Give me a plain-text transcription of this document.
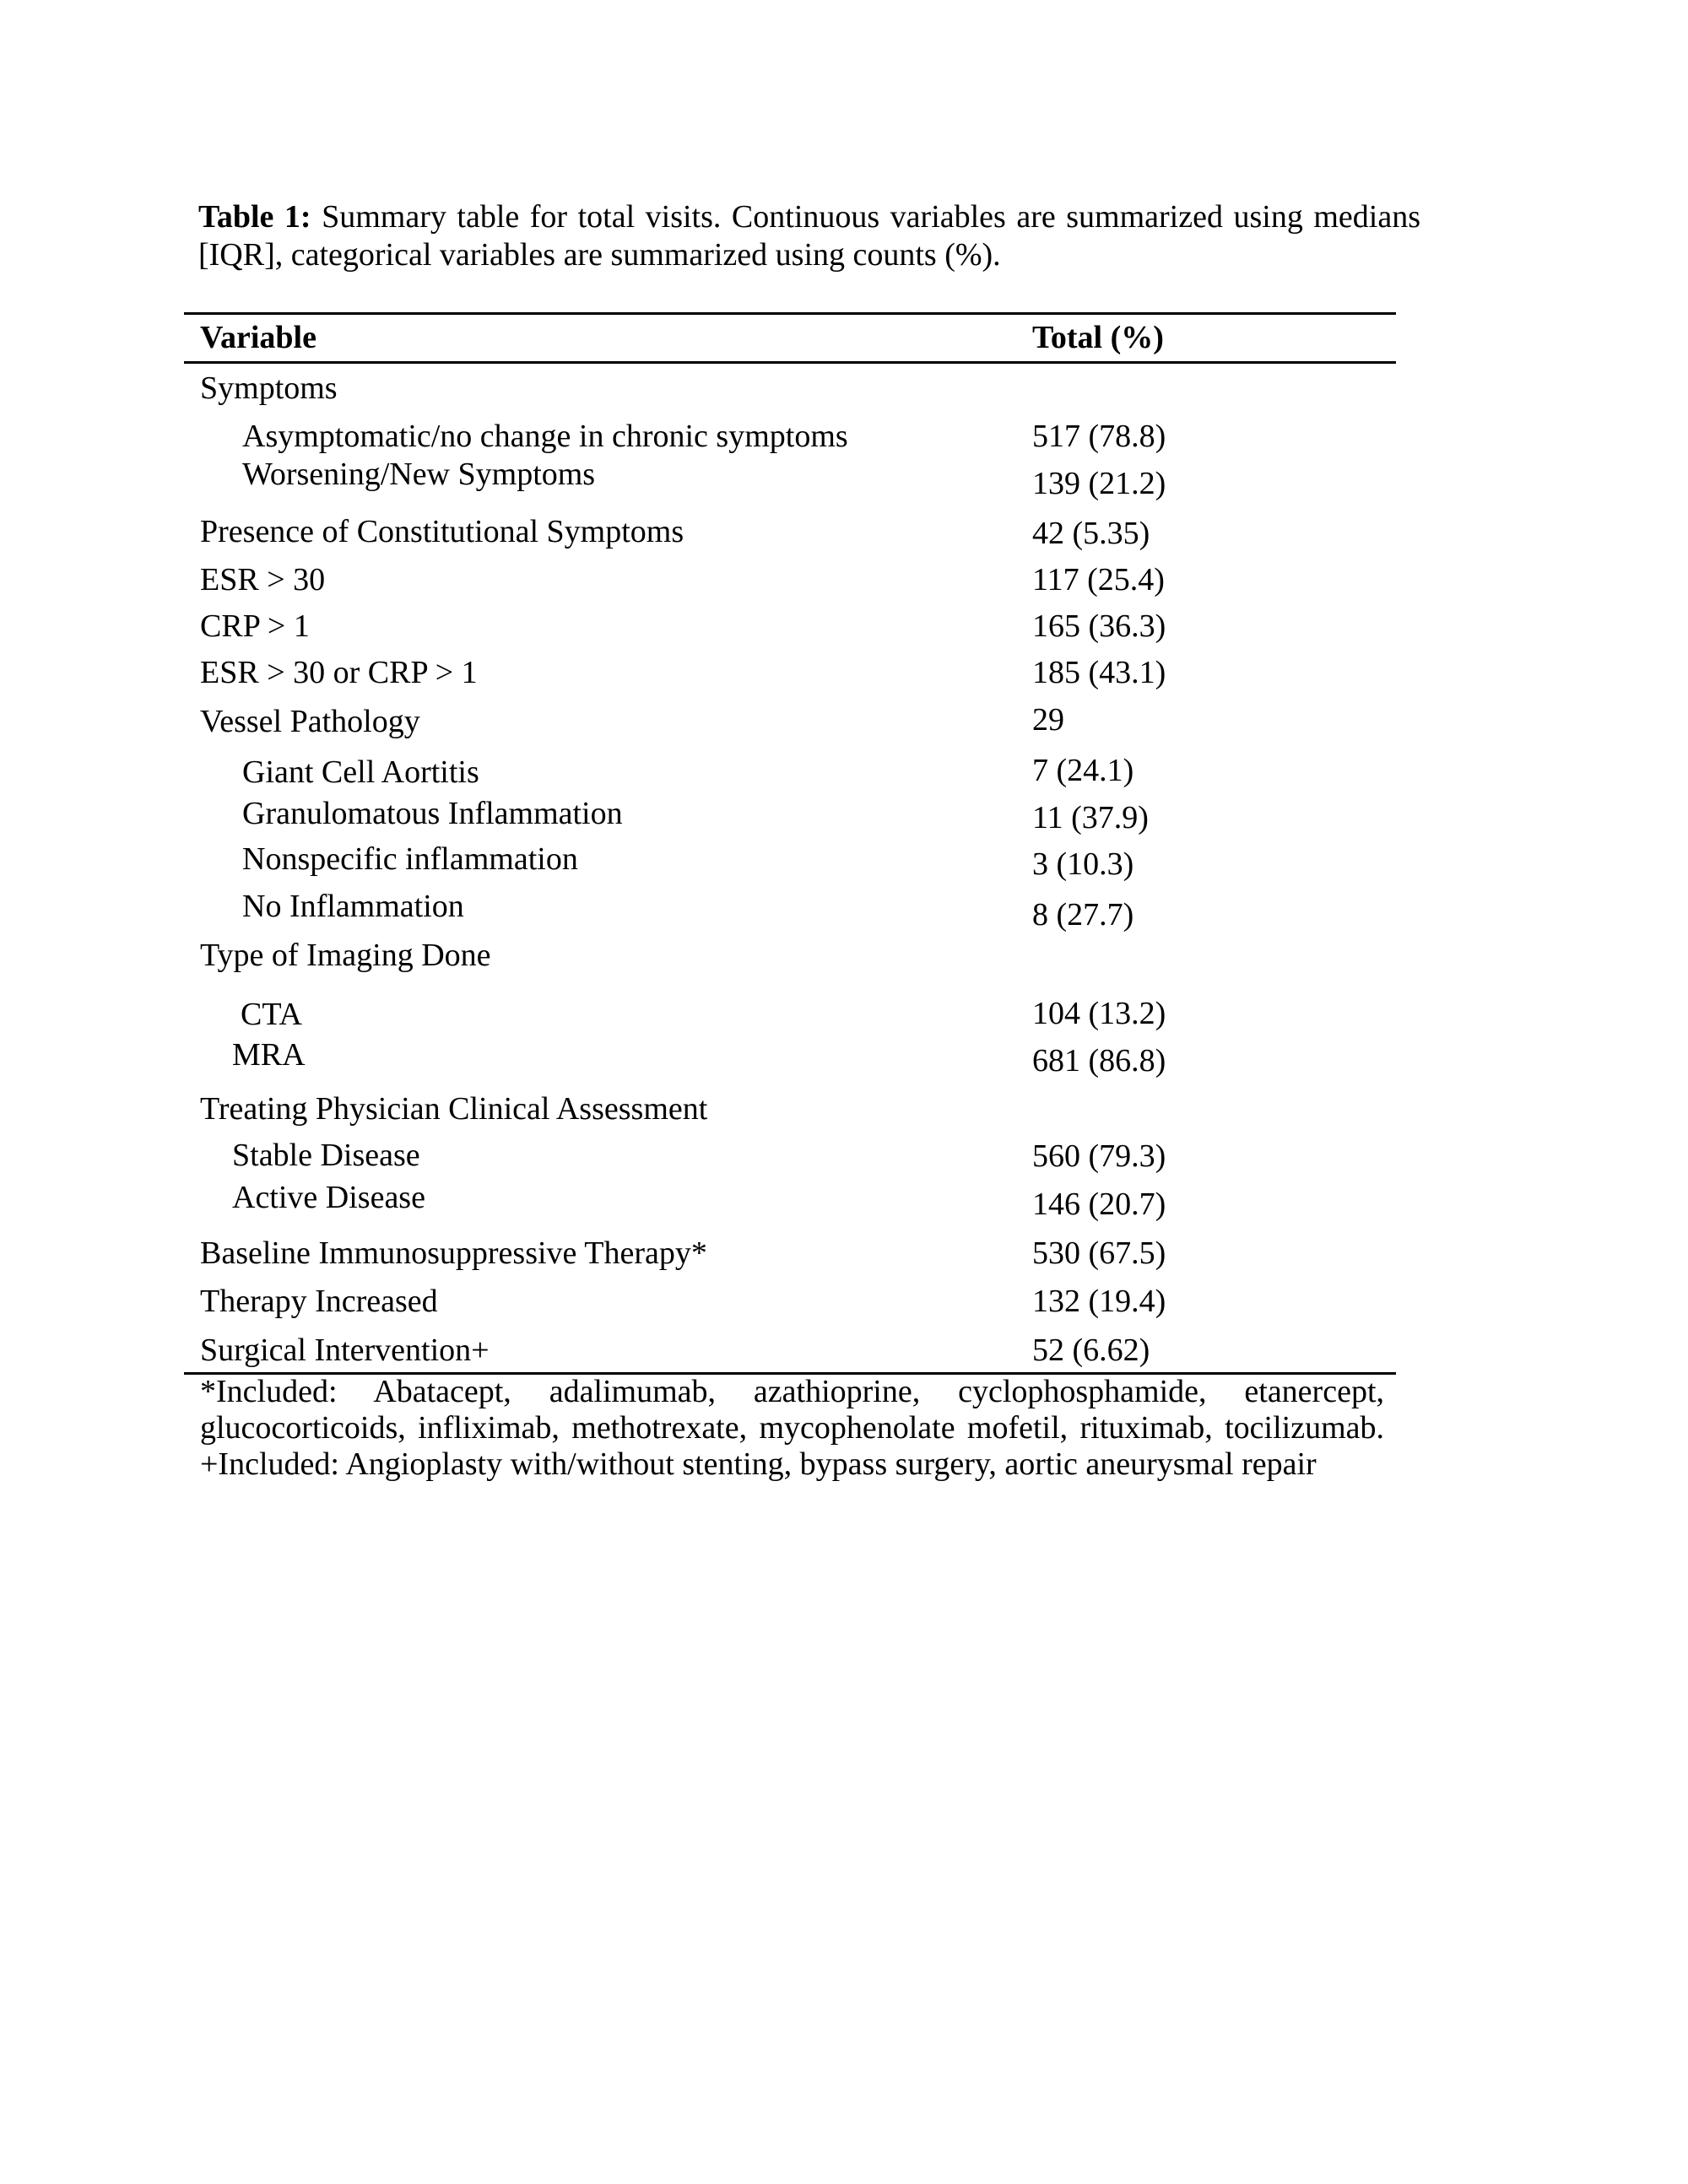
Table 1: Summary table for total visits. Continuous variables are summarized using medians [IQR], categorical variables are summarized using counts (%).
Variable	Total (%)
Symptoms
Asymptomatic/no change in chronic symptoms	517 (78.8)
Worsening/New Symptoms	139 (21.2)
Presence of Constitutional Symptoms	42 (5.35)
ESR > 30	117 (25.4)
CRP > 1	165 (36.3)
ESR > 30 or CRP > 1	185 (43.1)
Vessel Pathology	29
Giant Cell Aortitis	7 (24.1)
Granulomatous Inflammation	11 (37.9)
Nonspecific inflammation	3 (10.3)
No Inflammation	8 (27.7)
Type of Imaging Done
CTA	104 (13.2)
MRA	681 (86.8)
Treating Physician Clinical Assessment
Stable Disease	560 (79.3)
Active Disease	146 (20.7)
Baseline Immunosuppressive Therapy*	530 (67.5)
Therapy Increased	132 (19.4)
Surgical Intervention+	52 (6.62)
*Included: Abatacept, adalimumab, azathioprine, cyclophosphamide, etanercept, glucocorticoids, infliximab, methotrexate, mycophenolate mofetil, rituximab, tocilizumab. +Included: Angioplasty with/without stenting, bypass surgery, aortic aneurysmal repair
